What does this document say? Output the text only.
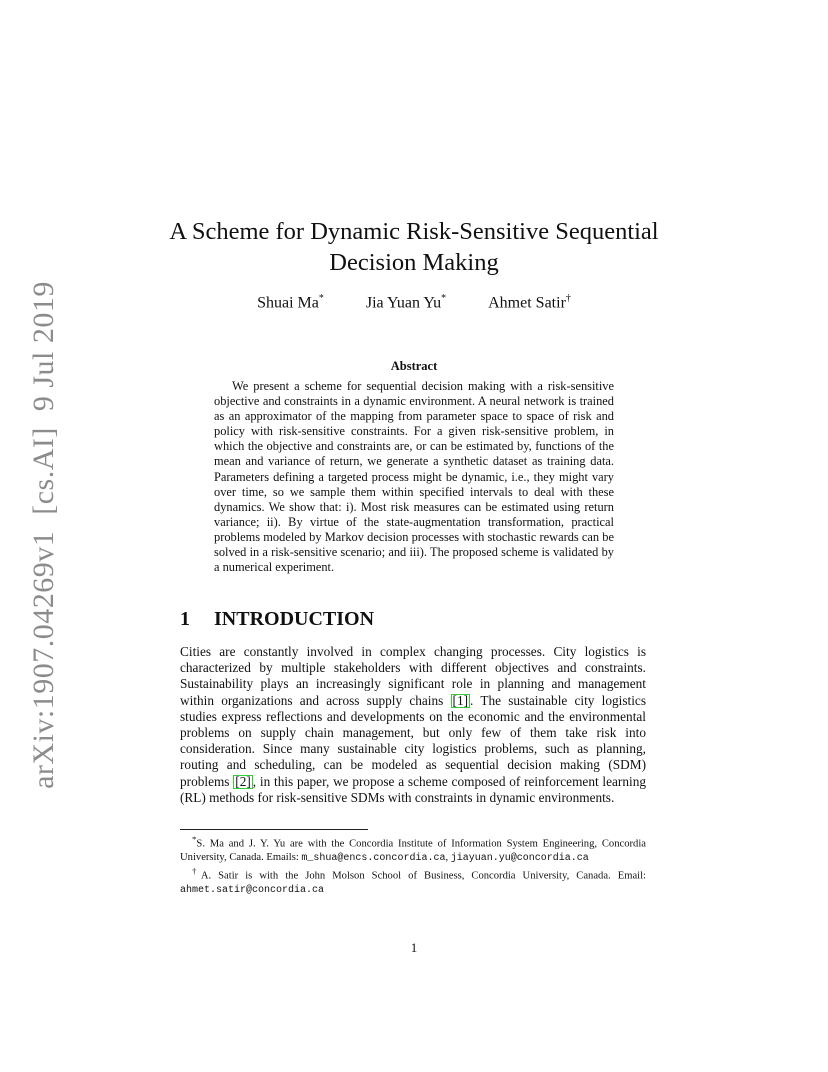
arXiv:1907.04269v1  [cs.AI]  9 Jul 2019
A Scheme for Dynamic Risk-Sensitive Sequential Decision Making
Shuai Ma*	Jia Yuan Yu*	Ahmet Satir†
Abstract

We present a scheme for sequential decision making with a risk-sensitive objective and constraints in a dynamic environment. A neural network is trained as an approximator of the mapping from parameter space to space of risk and policy with risk-sensitive constraints. For a given risk-sensitive problem, in which the objective and constraints are, or can be estimated by, functions of the mean and variance of return, we generate a synthetic dataset as training data. Parameters defining a targeted process might be dynamic, i.e., they might vary over time, so we sample them within specified intervals to deal with these dynamics. We show that: i). Most risk measures can be estimated using return variance; ii). By virtue of the state-augmentation transformation, practical problems modeled by Markov decision processes with stochastic rewards can be solved in a risk-sensitive scenario; and iii). The proposed scheme is validated by a numerical experiment.

1 INTRODUCTION

Cities are constantly involved in complex changing processes. City logistics is characterized by multiple stakeholders with different objectives and constraints. Sustainability plays an increasingly significant role in planning and management within organizations and across supply chains [1] . The sustainable city logistics studies express reflections and developments on the economic and the environmental problems on supply chain management, but only few of them take risk into consideration. Since many sustainable city logistics problems, such as planning, routing and scheduling, can be modeled as sequential decision making (SDM) problems [2] , in this paper, we propose a scheme composed of reinforcement learning (RL) methods for risk-sensitive SDMs with constraints in dynamic environments.

*S. Ma and J. Y. Yu are with the Concordia Institute of Information System Engineering, Concordia University, Canada. Emails: m_shua@encs.concordia.ca, jiayuan.yu@concordia.ca

†A. Satir is with the John Molson School of Business, Concordia University, Canada. Email: ahmet.satir@concordia.ca

1
